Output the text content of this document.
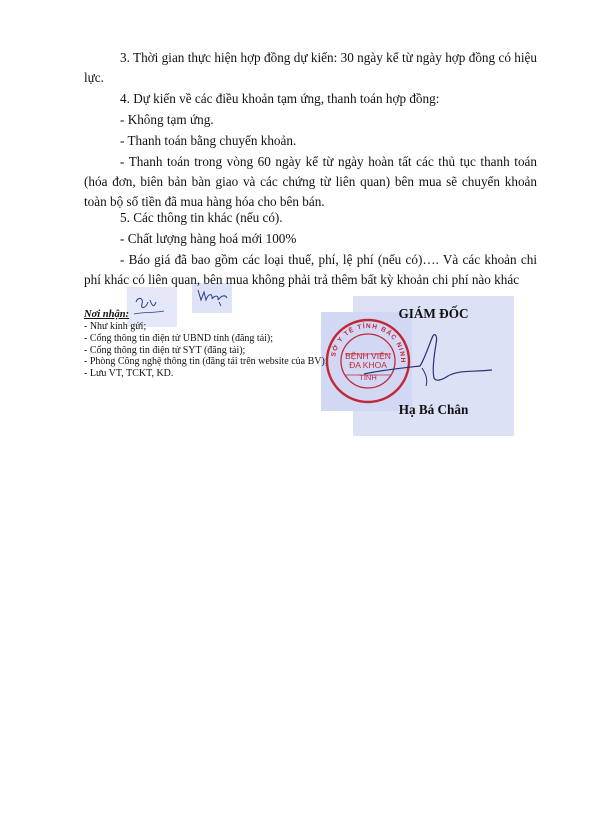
3. Thời gian thực hiện hợp đồng dự kiến: 30 ngày kể từ ngày hợp đồng có hiệu lực.
4. Dự kiến về các điều khoản tạm ứng, thanh toán hợp đồng:
- Không tạm ứng.
- Thanh toán bằng chuyển khoản.
- Thanh toán trong vòng 60 ngày kể từ ngày hoàn tất các thủ tục thanh toán (hóa đơn, biên bản bàn giao và các chứng từ liên quan) bên mua sẽ chuyển khoản toàn bộ số tiền đã mua hàng hóa cho bên bán.
5. Các thông tin khác (nếu có).
- Chất lượng hàng hoá mới 100%
- Báo giá đã bao gồm các loại thuế, phí, lệ phí (nếu có)…. Và các khoản chi phí khác có liên quan, bên mua không phải trả thêm bất kỳ khoản chi phí nào khác
Nơi nhận:
- Như kính gửi;
- Cổng thông tin điện tử UBND tỉnh (đăng tải);
- Cổng thông tin điện tử SYT (đăng tải);
- Phòng Công nghệ thông tin (đăng tải trên website của BV);
- Lưu VT, TCKT, KD.
GIÁM ĐỐC
SỞ Y TẾ TỈNH BẮC NINH
BỆNH VIỆN
ĐA KHOA
TỈNH
Hạ Bá Chân
